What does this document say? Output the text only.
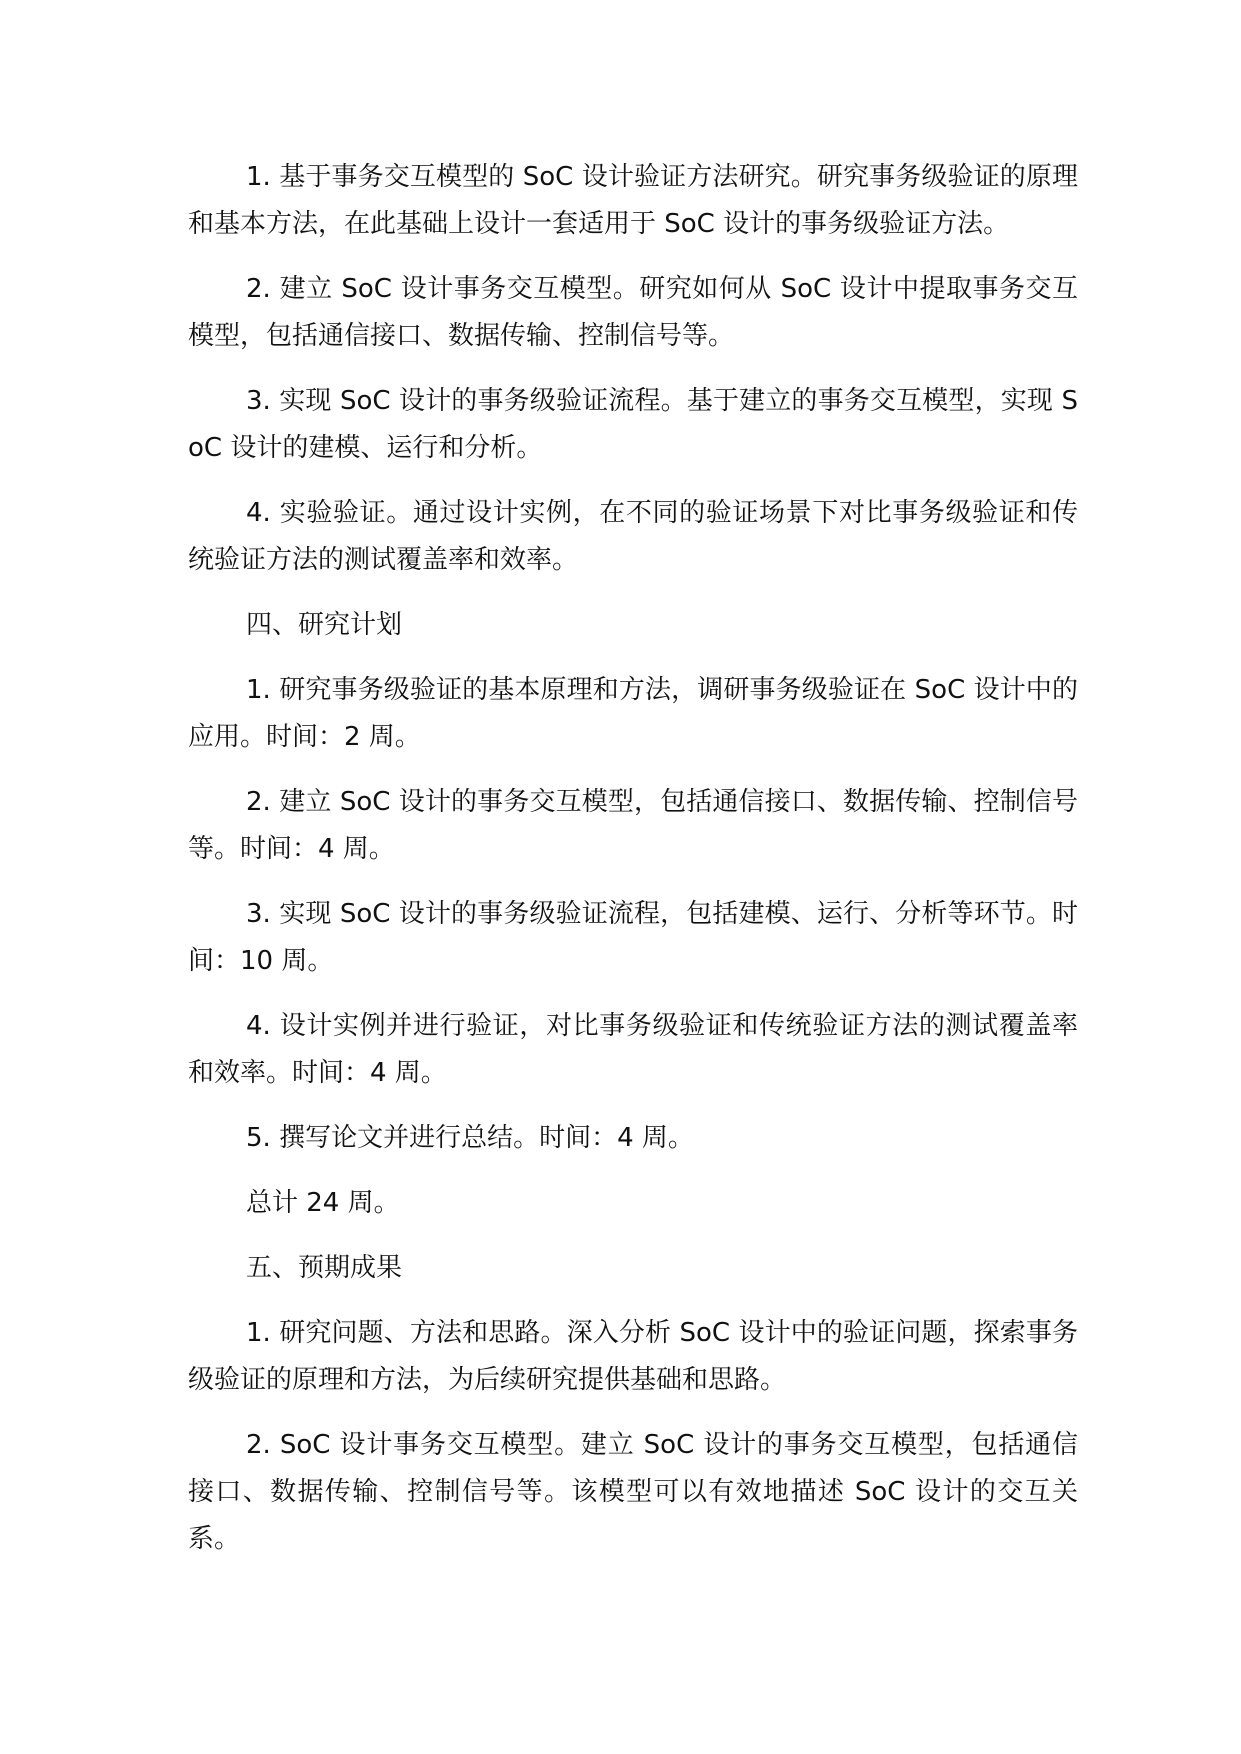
1. 基于事务交互模型的 SoC 设计验证方法研究。研究事务级验证的原理和基本方法，在此基础上设计一套适用于 SoC 设计的事务级验证方法。

2. 建立 SoC 设计事务交互模型。研究如何从 SoC 设计中提取事务交互模型，包括通信接口、数据传输、控制信号等。

3. 实现 SoC 设计的事务级验证流程。基于建立的事务交互模型，实现 SoC 设计的建模、运行和分析。

4. 实验验证。通过设计实例，在不同的验证场景下对比事务级验证和传统验证方法的测试覆盖率和效率。

四、研究计划

1. 研究事务级验证的基本原理和方法，调研事务级验证在 SoC 设计中的应用。时间：2 周。

2. 建立 SoC 设计的事务交互模型，包括通信接口、数据传输、控制信号等。时间：4 周。

3. 实现 SoC 设计的事务级验证流程，包括建模、运行、分析等环节。时间：10 周。

4. 设计实例并进行验证，对比事务级验证和传统验证方法的测试覆盖率和效率。时间：4 周。

5. 撰写论文并进行总结。时间：4 周。

总计 24 周。

五、预期成果

1. 研究问题、方法和思路。深入分析 SoC 设计中的验证问题，探索事务级验证的原理和方法，为后续研究提供基础和思路。

2. SoC 设计事务交互模型。建立 SoC 设计的事务交互模型，包括通信接口、数据传输、控制信号等。该模型可以有效地描述 SoC 设计的交互关系。
